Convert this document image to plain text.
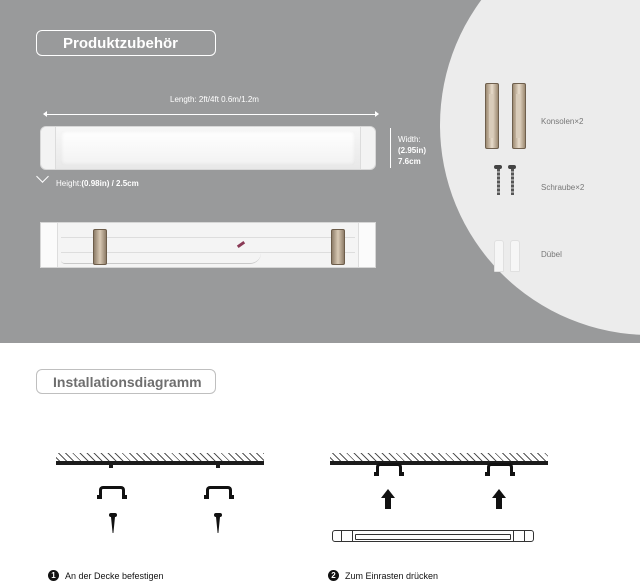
Produktzubehör
Length: 2ft/4ft 0.6m/1.2m
Width:
(2.95in)
7.6cm
Height:(0.98in) / 2.5cm
Konsolen×2
Schraube×2
Dübel
Installationsdiagramm
1	An der Decke befestigen	2	Zum Einrasten drücken
